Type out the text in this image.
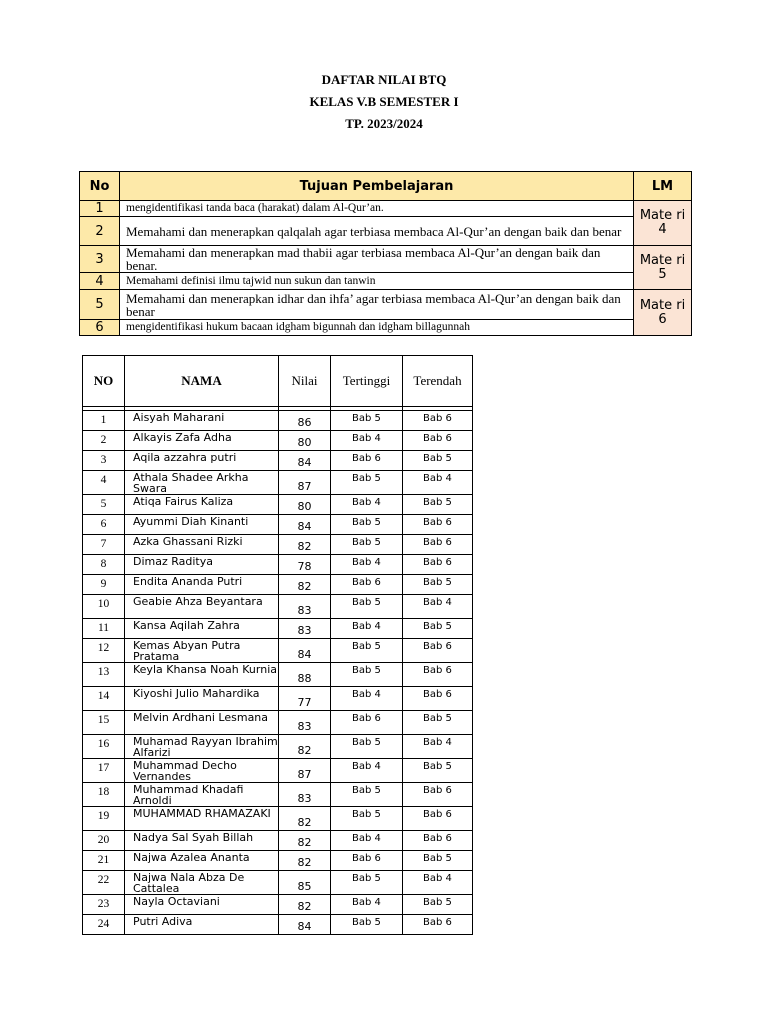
DAFTAR NILAI BTQ
KELAS V.B SEMESTER I
TP. 2023/2024
No	Tujuan Pembelajaran	LM
1	mengidentifikasi tanda baca (harakat) dalam Al-Qur’an.	Mate ri 4
2	Memahami dan menerapkan qalqalah agar terbiasa membaca Al-Qur’an dengan baik dan benar	
3	Memahami dan menerapkan mad thabii agar terbiasa membaca Al-Qur’an dengan baik dan benar.	Mate ri 5
4	Memahami definisi ilmu tajwid nun sukun dan tanwin	
5	Memahami dan menerapkan idhar dan ihfa’ agar terbiasa membaca Al-Qur’an dengan baik dan benar	Mate ri 6
6	mengidentifikasi hukum bacaan idgham bigunnah dan idgham billagunnah	
NO	NAMA	Nilai	Tertinggi	Terendah

1	Aisyah Maharani	86	Bab 5	Bab 6
2	Alkayis Zafa Adha	80	Bab 4	Bab 6
3	Aqila azzahra putri	84	Bab 6	Bab 5
4	Athala Shadee Arkha Swara	87	Bab 5	Bab 4
5	Atiqa Fairus Kaliza	80	Bab 4	Bab 5
6	Ayummi Diah Kinanti	84	Bab 5	Bab 6
7	Azka Ghassani Rizki	82	Bab 5	Bab 6
8	Dimaz Raditya	78	Bab 4	Bab 6
9	Endita Ananda Putri	82	Bab 6	Bab 5
10	Geabie Ahza Beyantara	83	Bab 5	Bab 4
11	Kansa Aqilah Zahra	83	Bab 4	Bab 5
12	Kemas Abyan Putra Pratama	84	Bab 5	Bab 6
13	Keyla Khansa Noah Kurnia	88	Bab 5	Bab 6
14	Kiyoshi Julio Mahardika	77	Bab 4	Bab 6
15	Melvin Ardhani Lesmana	83	Bab 6	Bab 5
16	Muhamad Rayyan Ibrahim Alfarizi	82	Bab 5	Bab 4
17	Muhammad Decho Vernandes	87	Bab 4	Bab 5
18	Muhammad Khadafi Arnoldi	83	Bab 5	Bab 6
19	MUHAMMAD RHAMAZAKI	82	Bab 5	Bab 6
20	Nadya Sal Syah Billah	82	Bab 4	Bab 6
21	Najwa Azalea Ananta	82	Bab 6	Bab 5
22	Najwa Nala Abza De Cattalea	85	Bab 5	Bab 4
23	Nayla Octaviani	82	Bab 4	Bab 5
24	Putri Adiva	84	Bab 5	Bab 6
